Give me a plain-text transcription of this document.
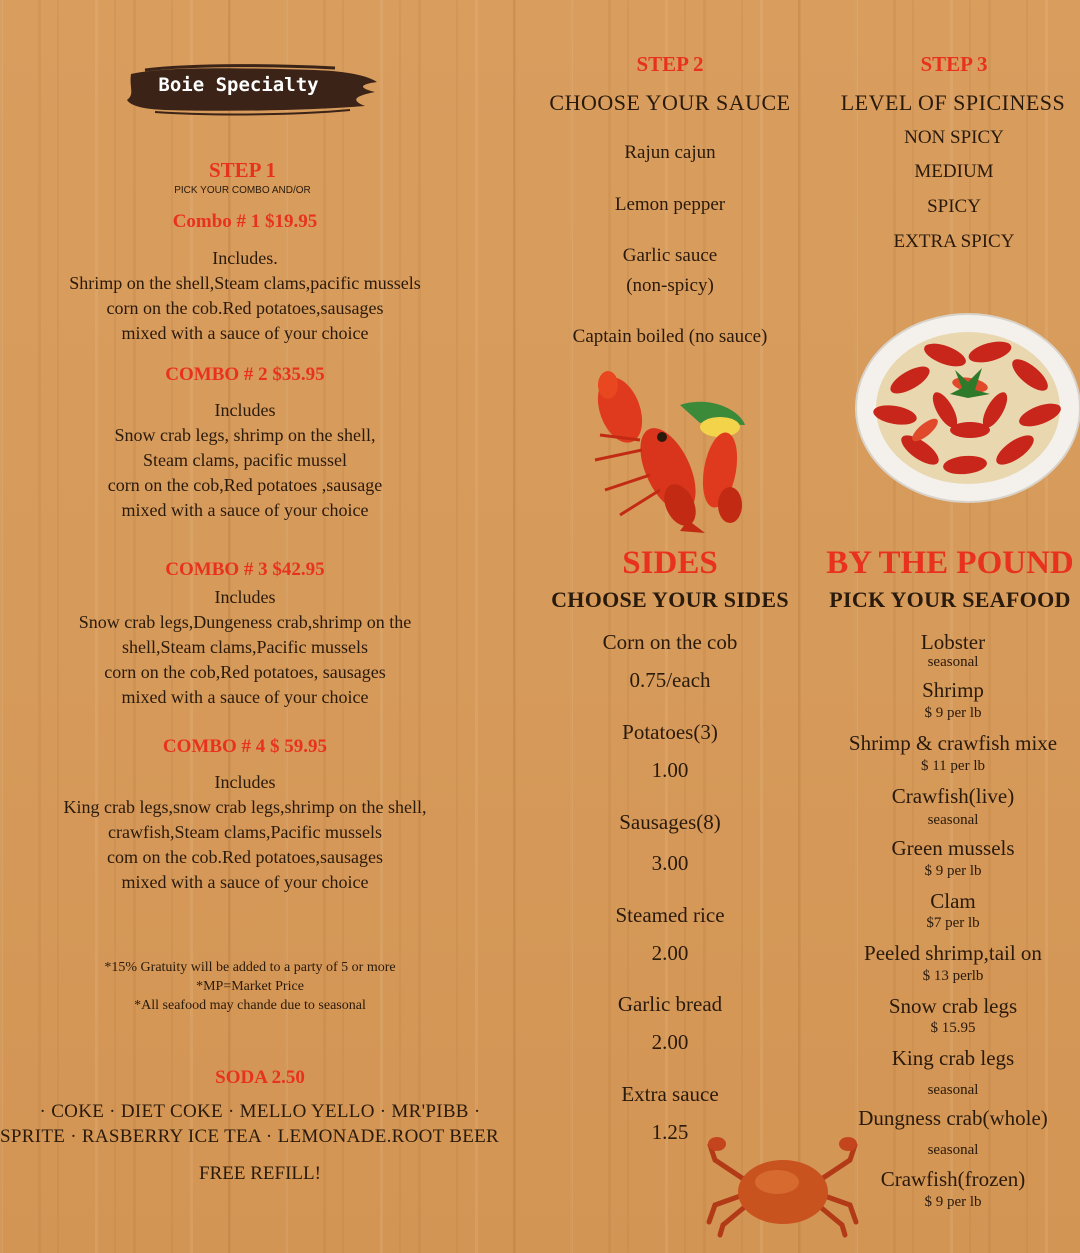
Boie Specialty
STEP 1
PICK YOUR COMBO AND/OR
Combo # 1 $19.95
Includes.
Shrimp on the shell,Steam clams,pacific mussels
corn on the cob.Red potatoes,sausages
mixed with a sauce of your choice
COMBO # 2 $35.95
Includes
Snow crab legs, shrimp on the shell,
Steam clams, pacific mussel
corn on the cob,Red potatoes ,sausage
mixed with a sauce of your choice
COMBO # 3 $42.95
Includes
Snow crab legs,Dungeness crab,shrimp on the
shell,Steam clams,Pacific mussels
corn on the cob,Red potatoes, sausages
mixed with a sauce of your choice
COMBO # 4 $ 59.95
Includes
King crab legs,snow crab legs,shrimp on the shell,
crawfish,Steam clams,Pacific mussels
com on the cob.Red potatoes,sausages
mixed with a sauce of your choice
*15% Gratuity will be added to a party of 5 or more
*MP=Market Price
*All seafood may chande due to seasonal
SODA 2.50
· COKE · DIET COKE · MELLO YELLO · MR'PIBB ·
SPRITE · RASBERRY ICE TEA · LEMONADE.ROOT BEER
FREE REFILL!
STEP 2
CHOOSE YOUR SAUCE
Rajun cajun
Lemon pepper
Garlic sauce
(non-spicy)
Captain boiled (no sauce)
STEP 3
LEVEL OF SPICINESS
NON SPICY
MEDIUM
SPICY
EXTRA SPICY
SIDES
CHOOSE YOUR SIDES
Corn on the cob
0.75/each
Potatoes(3)
1.00
Sausages(8)
3.00
Steamed rice
2.00
Garlic bread
2.00
Extra sauce
1.25
BY THE POUND
PICK YOUR SEAFOOD
Lobster
seasonal
Shrimp
$ 9 per lb
Shrimp & crawfish mixe
$ 11 per lb
Crawfish(live)
seasonal
Green mussels
$ 9 per lb
Clam
$7 per lb
Peeled shrimp,tail on
$ 13 perlb
Snow crab legs
$ 15.95
King crab legs
seasonal
Dungness crab(whole)
seasonal
Crawfish(frozen)
$ 9 per lb
